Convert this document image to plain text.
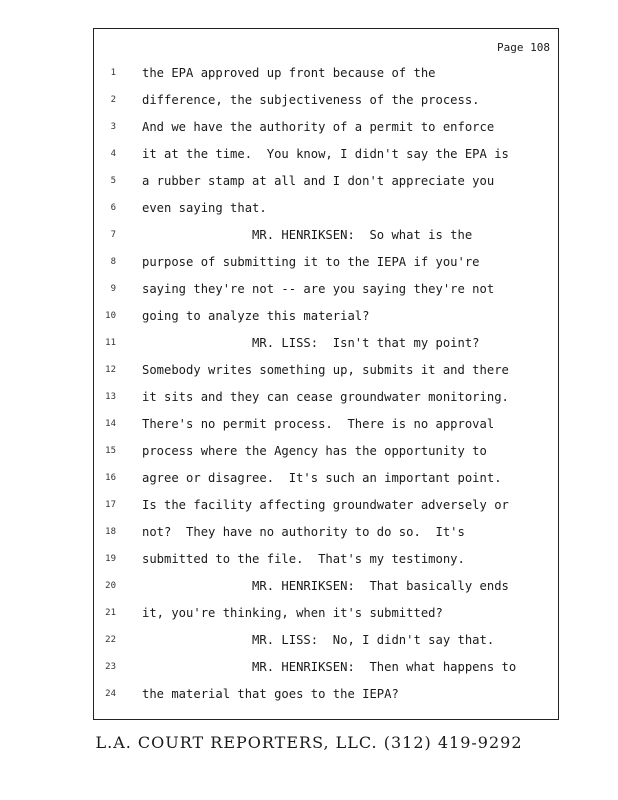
Page 108
1 the EPA approved up front because of the
2 difference, the subjectiveness of the process.
3 And we have the authority of a permit to enforce
4 it at the time.  You know, I didn't say the EPA is
5 a rubber stamp at all and I don't appreciate you
6 even saying that.
7 MR. HENRIKSEN:  So what is the
8 purpose of submitting it to the IEPA if you're
9 saying they're not -- are you saying they're not
10 going to analyze this material?
11 MR. LISS:  Isn't that my point?
12 Somebody writes something up, submits it and there
13 it sits and they can cease groundwater monitoring.
14 There's no permit process.  There is no approval
15 process where the Agency has the opportunity to
16 agree or disagree.  It's such an important point.
17 Is the facility affecting groundwater adversely or
18 not?  They have no authority to do so.  It's
19 submitted to the file.  That's my testimony.
20 MR. HENRIKSEN:  That basically ends
21 it, you're thinking, when it's submitted?
22 MR. LISS:  No, I didn't say that.
23 MR. HENRIKSEN:  Then what happens to
24 the material that goes to the IEPA?
L.A. COURT REPORTERS, LLC. (312) 419-9292
